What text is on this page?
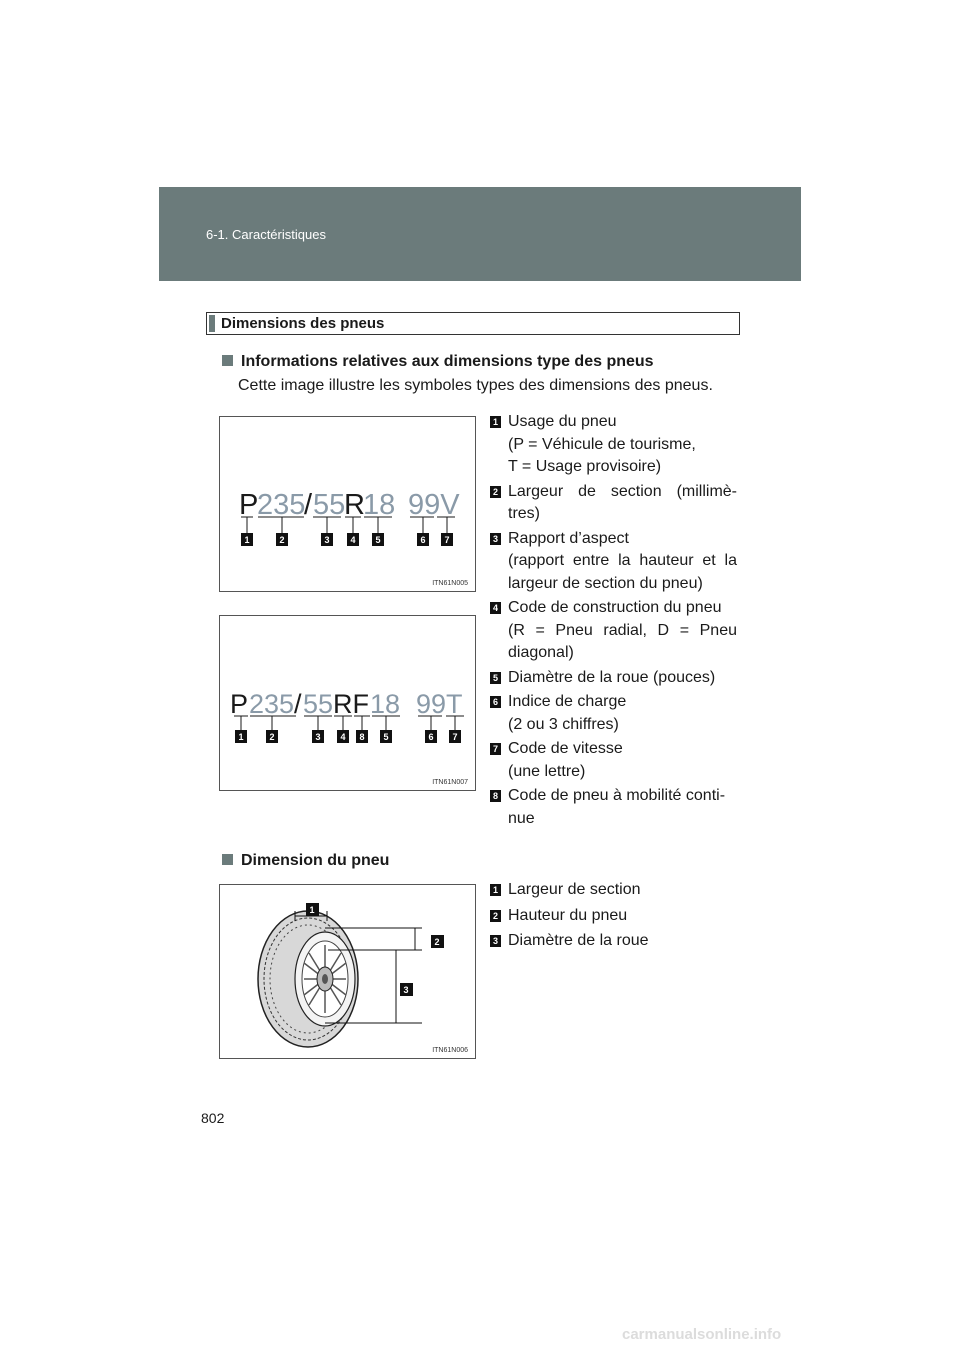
6-1. Caractéristiques
Dimensions des pneus
Informations relatives aux dimensions type des pneus
Cette image illustre les symboles types des dimensions des pneus.
P
235
/ 55
R
18 99V
1	2	3 4 5	6 7
ITN61N005
P 235 / 55 RF 18 99T
1	2	3 4 8 5	6 7
ITN61N007
1 Usage du pneu
(P = Véhicule de tourisme,
T = Usage provisoire)
2 Largeur de section (millimè-
tres)
3 Rapport d’aspect
(rapport entre la hauteur et la
largeur de section du pneu)
4 Code de construction du pneu
(R = Pneu radial, D = Pneu
diagonal)
5 Diamètre de la roue (pouces)
6 Indice de charge
(2 ou 3 chiffres)
7 Code de vitesse
(une lettre)
8 Code de pneu à mobilité conti-
nue
Dimension du pneu
1
2
3
ITN61N006
1 Largeur de section
2 Hauteur du pneu
3 Diamètre de la roue
802
carmanualsonline.info
